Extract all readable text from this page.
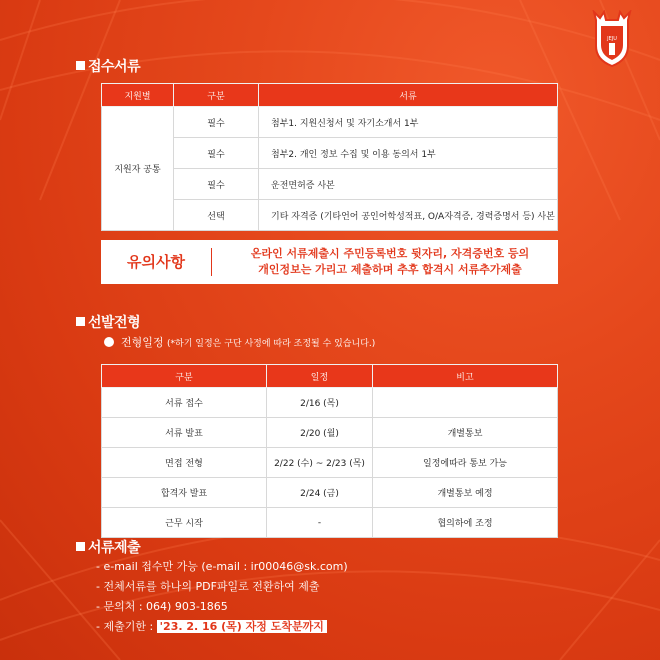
JEJU
접수서류
지원별	구분	서류
지원자 공통	필수	첨부1. 지원신청서 및 자기소개서 1부
	필수	첨부2. 개인 정보 수집 및 이용 동의서 1부
	필수	운전면허증 사본
	선택	기타 자격증 (기타언어 공인어학성적표, O/A자격증, 경력증명서 등) 사본
유의사항	온라인 서류제출시 주민등록번호 뒷자리, 자격증번호 등의
개인정보는 가리고 제출하며 추후 합격시 서류추가제출
선발전형
전형일정 (*하기 일정은 구단 사정에 따라 조정될 수 있습니다.)
구분	일정	비고
서류 접수	2/16 (목)	
서류 발표	2/20 (월)	개별통보
면접 전형	2/22 (수) ~ 2/23 (목)	일정에따라 통보 가능
합격자 발표	2/24 (금)	개별통보 예정
근무 시작	-	협의하에 조정
서류제출
- e-mail 접수만 가능 (e-mail : ir00046@sk.com)
- 전체서류를 하나의 PDF파일로 전환하여 제출
- 문의처 : 064) 903-1865
- 제출기한 : '23. 2. 16 (목) 자정 도착분까지
